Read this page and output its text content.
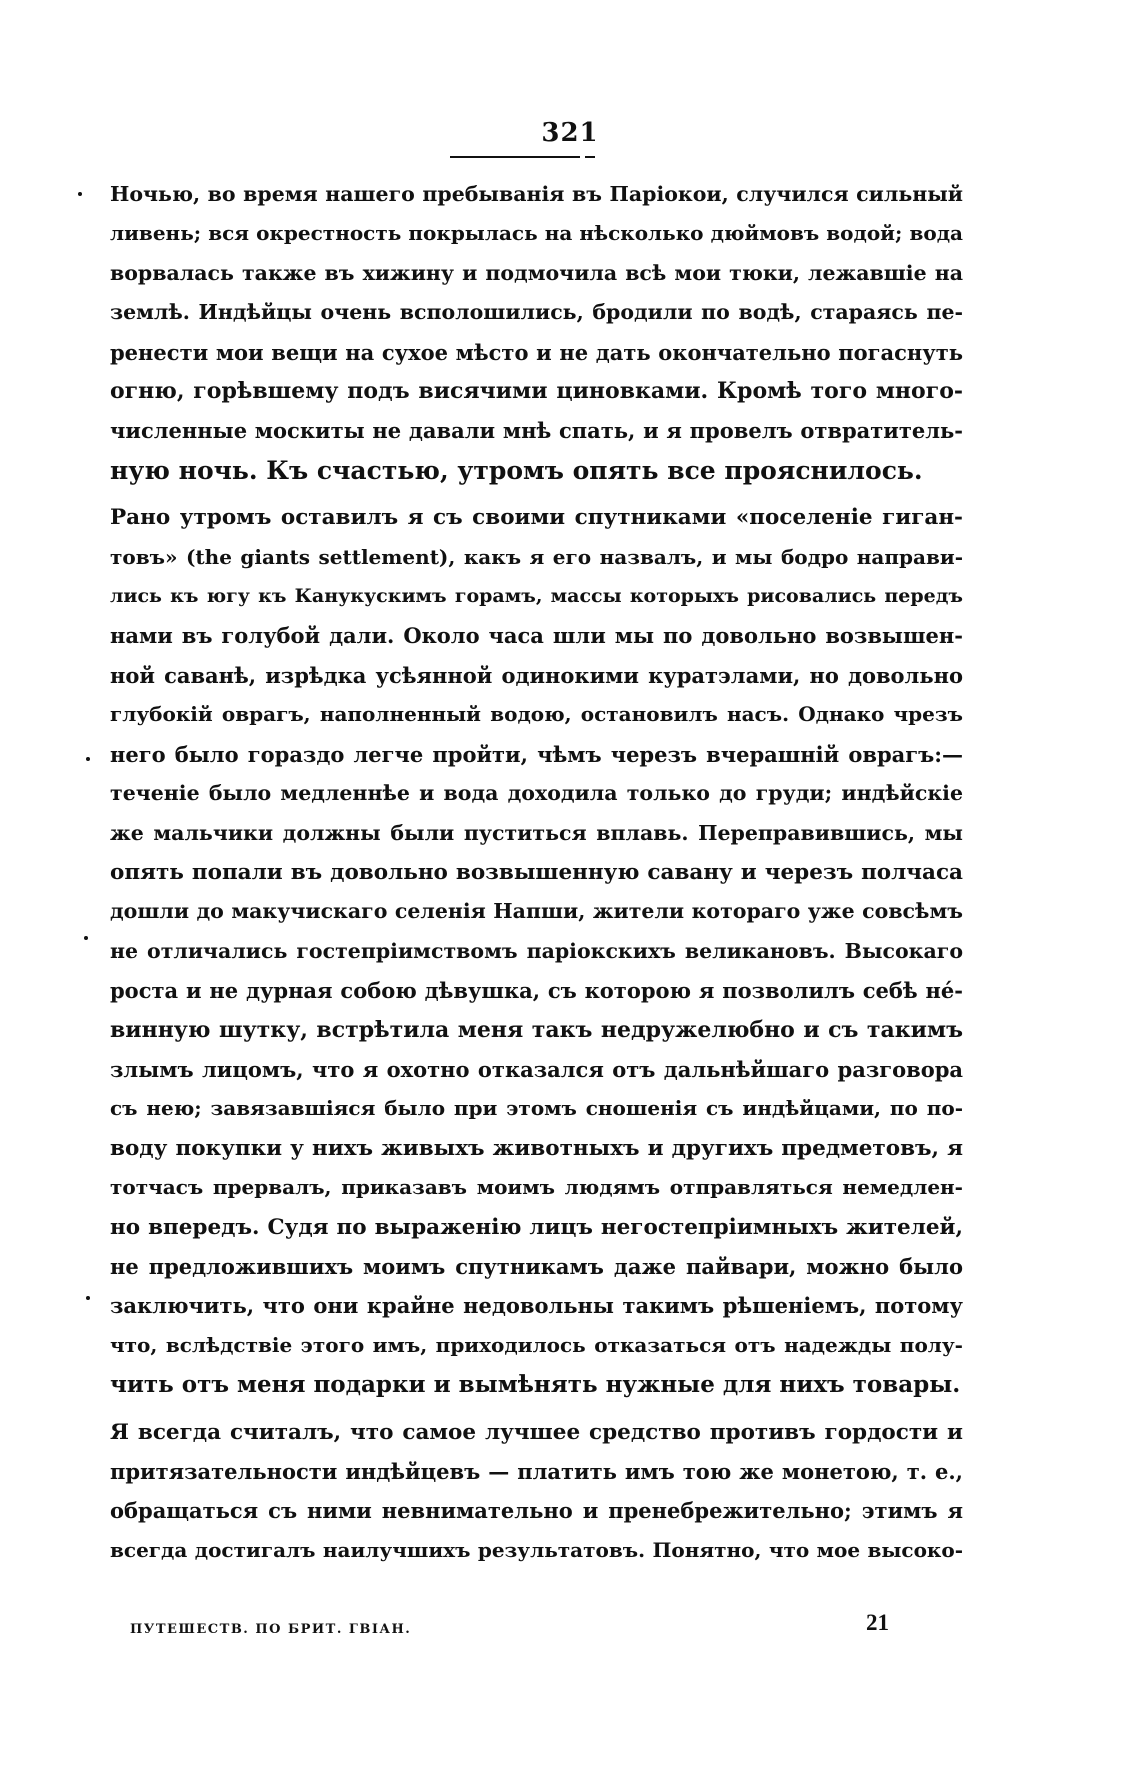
321

Ночью, во время нашего пребыванія въ Паріокои, случился сильный
ливень; вся окрестность покрылась на нѣсколько дюймовъ водой; вода
ворвалась также въ хижину и подмочила всѣ мои тюки, лежавшіе на
землѣ. Индѣйцы очень всполошились, бродили по водѣ, стараясь пе-
ренести мои вещи на сухое мѣсто и не дать окончательно погаснуть
огню, горѣвшему подъ висячими циновками. Кромѣ того много-
численные москиты не давали мнѣ спать, и я провелъ отвратитель-
ную ночь. Къ счастью, утромъ опять все прояснилось.

Рано утромъ оставилъ я съ своими спутниками «поселеніе гиган-
товъ» (the giants settlement), какъ я его назвалъ, и мы бодро направи-
лись къ югу къ Канукускимъ горамъ, массы которыхъ рисовались передъ
нами въ голубой дали. Около часа шли мы по довольно возвышен-
ной саванѣ, изрѣдка усѣянной одинокими куратэлами, но довольно
глубокій оврагъ, наполненный водою, остановилъ насъ. Однако чрезъ
него было гораздо легче пройти, чѣмъ черезъ вчерашній оврагъ:—
теченіе было медленнѣе и вода доходила только до груди; индѣйскіе
же мальчики должны были пуститься вплавь. Переправившись, мы
опять попали въ довольно возвышенную савану и черезъ полчаса
дошли до макучискаго селенія Напши, жители котораго уже совсѣмъ
не отличались гостепріимствомъ паріокскихъ великановъ. Высокаго
роста и не дурная собою дѣвушка, съ которою я позволилъ себѣ нé-
винную шутку, встрѣтила меня такъ недружелюбно и съ такимъ
злымъ лицомъ, что я охотно отказался отъ дальнѣйшаго разговора
съ нею; завязавшіяся было при этомъ сношенія съ индѣйцами, по по-
воду покупки у нихъ живыхъ животныхъ и другихъ предметовъ, я
тотчасъ прервалъ, приказавъ моимъ людямъ отправляться немедлен-
но впередъ. Судя по выраженію лицъ негостепріимныхъ жителей,
не предложившихъ моимъ спутникамъ даже пайвари, можно было
заключить, что они крайне недовольны такимъ рѣшеніемъ, потому
что, вслѣдствіе этого имъ, приходилось отказаться отъ надежды полу-
чить отъ меня подарки и вымѣнять нужные для нихъ товары.

Я всегда считалъ, что самое лучшее средство противъ гордости и
притязательности индѣйцевъ — платить имъ тою же монетою, т. е.,
обращаться съ ними невнимательно и пренебрежительно; этимъ я
всегда достигалъ наилучшихъ результатовъ. Понятно, что мое высоко-

ПУТЕШЕСТВ. ПО БРИТ. ГВІАН.	21
